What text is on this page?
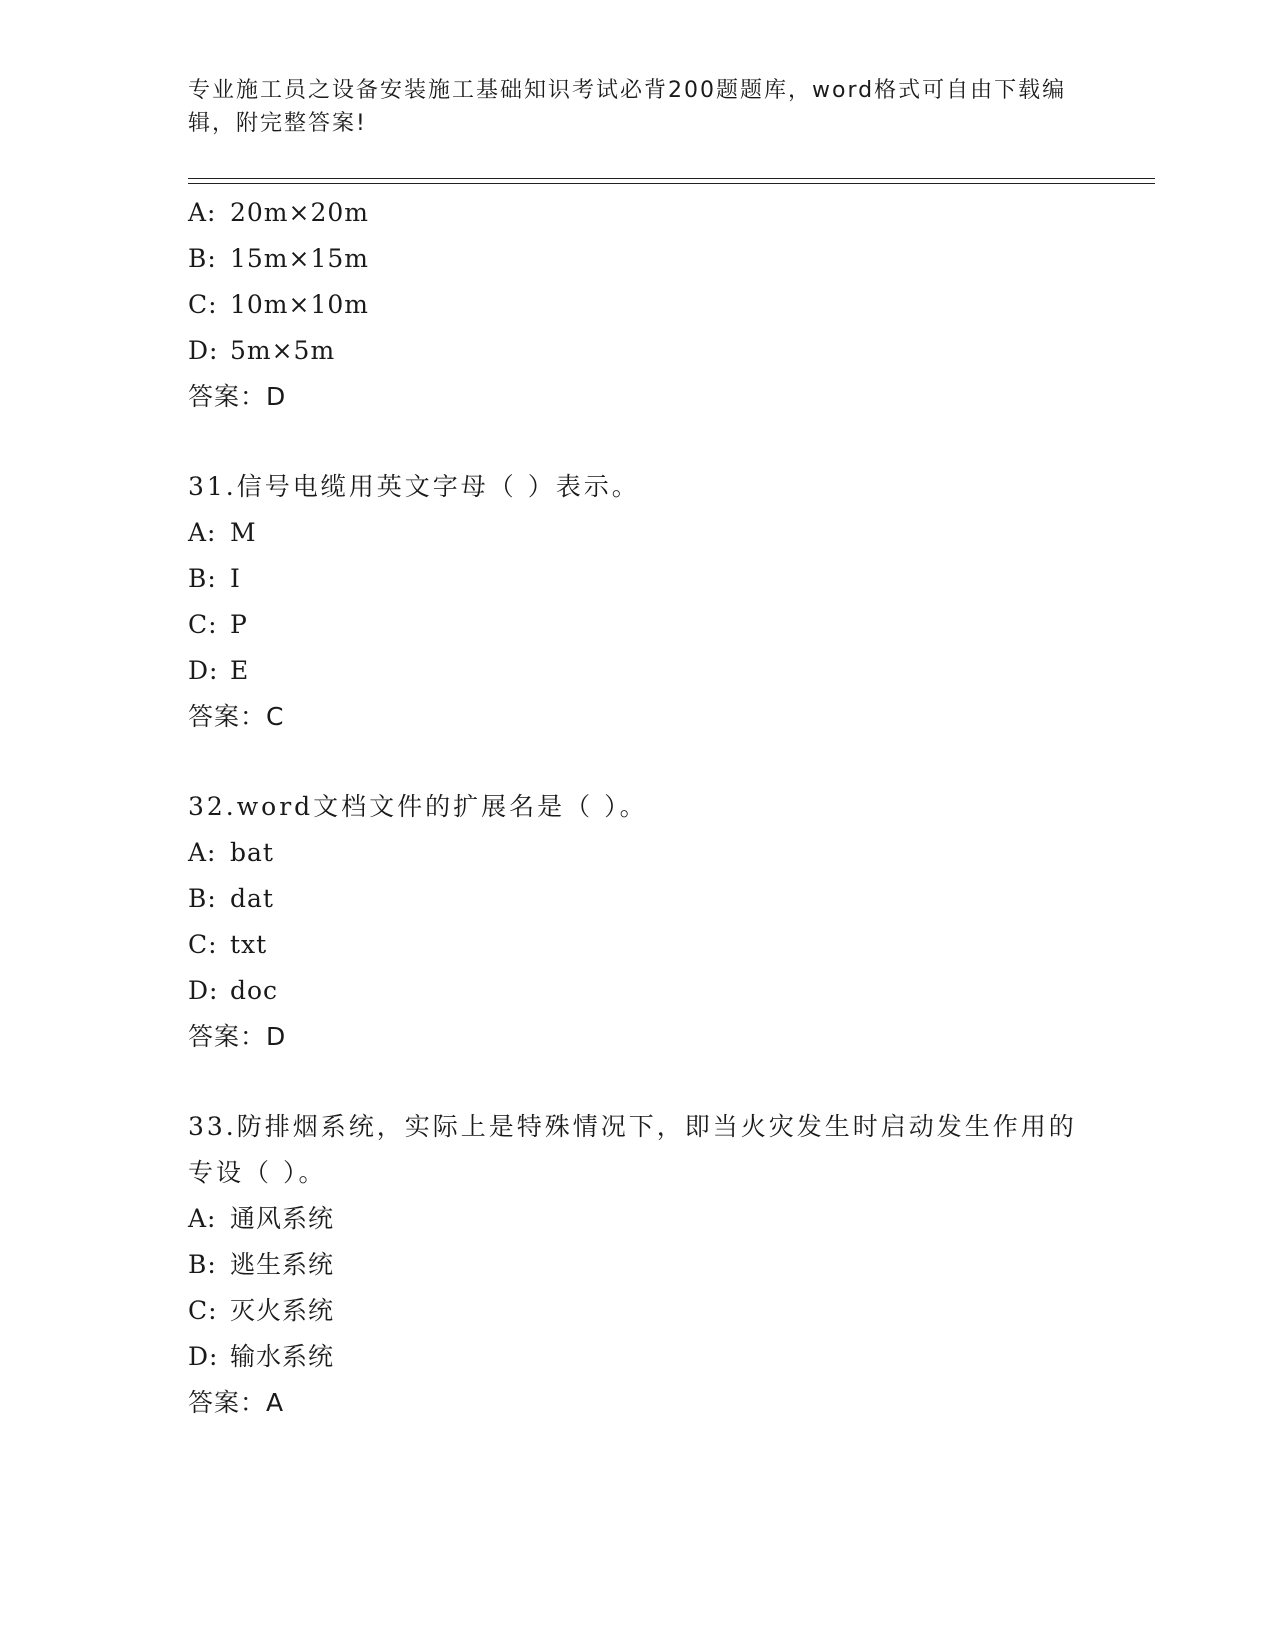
专业施工员之设备安装施工基础知识考试必背200题题库，word格式可自由下载编辑，附完整答案!
A: 20m×20m
B: 15m×15m
C: 10m×10m
D: 5m×5m
答案：D
31.信号电缆用英文字母（ ）表示。
A: M
B: I
C: P
D: E
答案：C
32.word文档文件的扩展名是（ ）。
A: bat
B: dat
C: txt
D: doc
答案：D
33.防排烟系统，实际上是特殊情况下，即当火灾发生时启动发生作用的专设（ ）。
A: 通风系统
B: 逃生系统
C: 灭火系统
D: 输水系统
答案：A
